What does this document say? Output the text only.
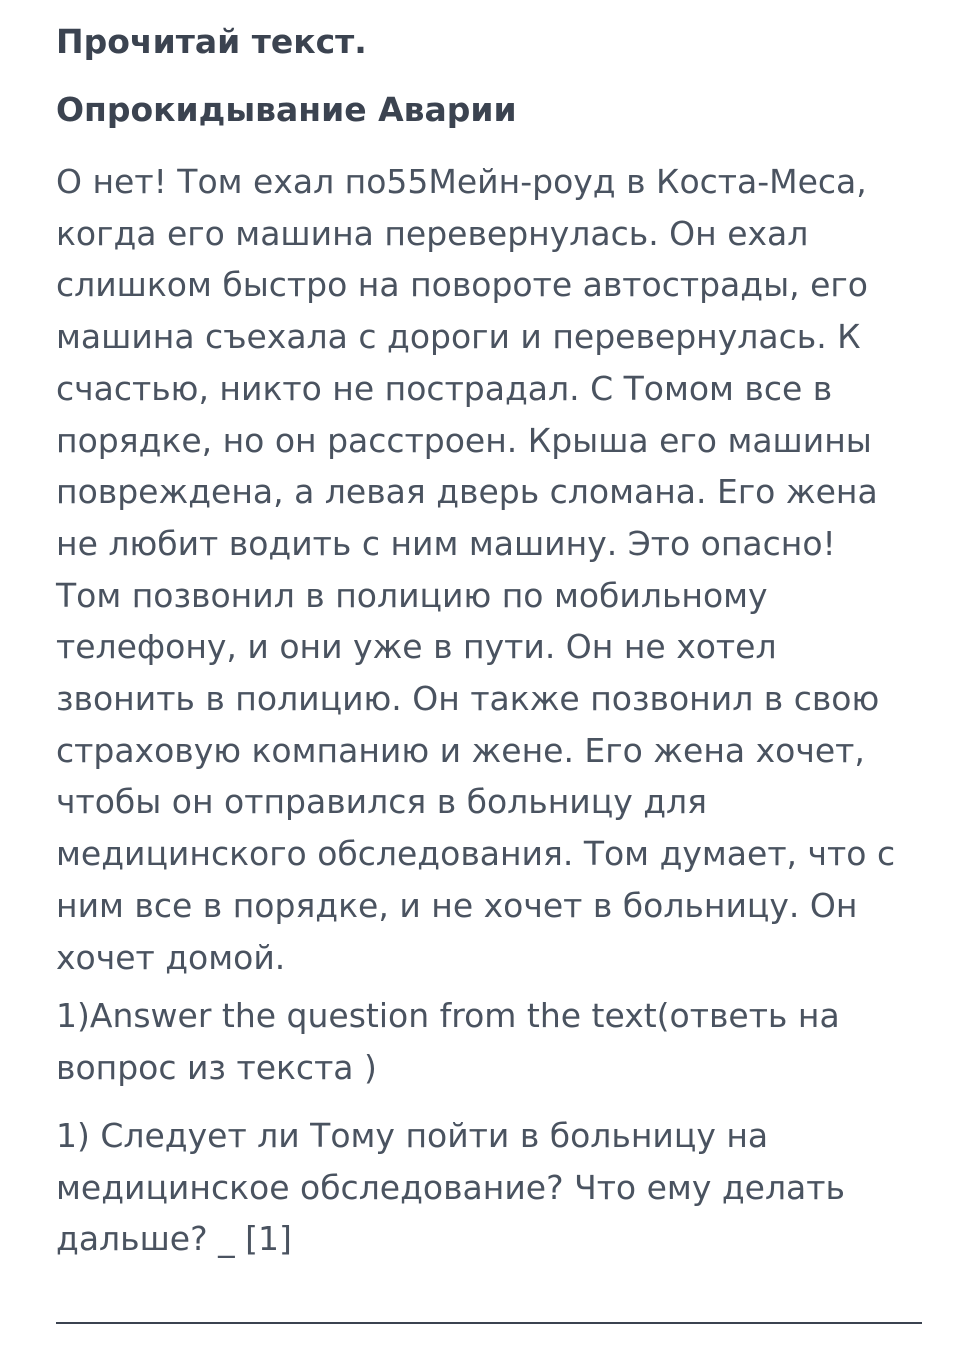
Прочитай текст.
Опрокидывание Аварии
О нет! Том ехал по55Мейн-роуд в Коста-Меса,
когда его машина перевернулась. Он ехал
слишком быстро на повороте автострады, его
машина съехала с дороги и перевернулась. К
счастью, никто не пострадал. С Томом все в
порядке, но он расстроен. Крыша его машины
повреждена, а левая дверь сломана. Его жена
не любит водить с ним машину. Это опасно!
Том позвонил в полицию по мобильному
телефону, и они уже в пути. Он не хотел
звонить в полицию. Он также позвонил в свою
страховую компанию и жене. Его жена хочет,
чтобы он отправился в больницу для
медицинского обследования. Том думает, что с
ним все в порядке, и не хочет в больницу. Он
хочет домой.
1)Answer the question from the text(ответь на
вопрос из текста )
1) Следует ли Тому пойти в больницу на
медицинское обследование? Что ему делать
дальше? _ [1]
